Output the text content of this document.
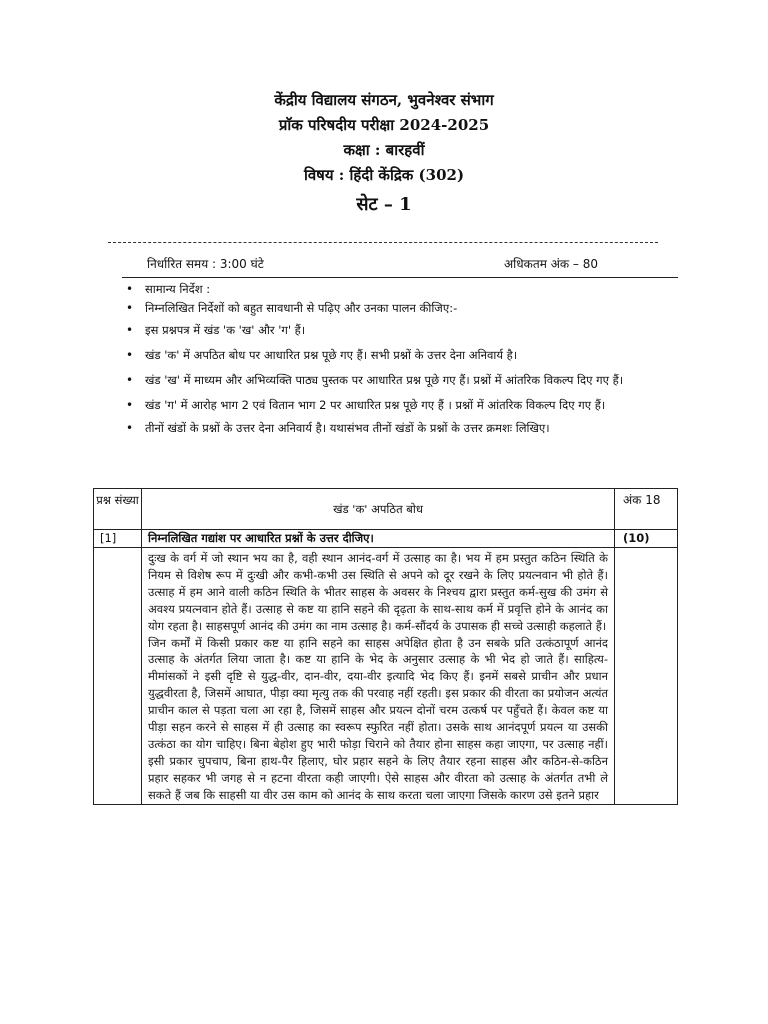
केंद्रीय विद्यालय संगठन, भुवनेश्वर संभाग
प्राॅक परिषदीय परीक्षा 2024-2025
कक्षा : बारहवीं
विषय : हिंदी केंद्रिक (302)
सेट – 1
निर्धारित समय : 3:00 घंटे	अधिकतम अंक – 80
• सामान्य निर्देश :
• निम्नलिखित निर्देशों को बहुत सावधानी से पढ़िए और उनका पालन कीजिए:-
• इस प्रश्नपत्र में खंड 'क 'ख' और 'ग' हैं।
• खंड 'क' में अपठित बोध पर आधारित प्रश्न पूछे गए हैं। सभी प्रश्नों के उत्तर देना अनिवार्य है।
• खंड 'ख' में माध्यम और अभिव्यक्ति पाठ्य पुस्तक पर आधारित प्रश्न पूछे गए हैं। प्रश्नों में आंतरिक विकल्प दिए गए हैं।
• खंड 'ग' में आरोह भाग 2 एवं वितान भाग 2 पर आधारित प्रश्न पूछे गए हैं । प्रश्नों में आंतरिक विकल्प दिए गए हैं।
• तीनों खंडों के प्रश्नों के उत्तर देना अनिवार्य है। यथासंभव तीनों खंडों के प्रश्नों के उत्तर क्रमशः लिखिए।
प्रश्न संख्या	खंड 'क' अपठित बोध	अंक 18
[1]	निम्नलिखित गद्यांश पर आधारित प्रश्नों के उत्तर दीजिए।	(10)

	दुःख के वर्ग में जो स्थान भय का है, वही स्थान आनंद-वर्ग में उत्साह का है। भय में हम प्रस्तुत कठिन स्थिति के नियम से विशेष रूप में दुःखी और कभी-कभी उस स्थिति से अपने को दूर रखने के लिए प्रयत्नवान भी होते हैं। उत्साह में हम आने वाली कठिन स्थिति के भीतर साहस के अवसर के निश्चय द्वारा प्रस्तुत कर्म-सुख की उमंग से अवश्य प्रयत्नवान होते हैं। उत्साह से कष्ट या हानि सहने की दृढ़ता के साथ-साथ कर्म में प्रवृत्ति होने के आनंद का योग रहता है। साहसपूर्ण आनंद की उमंग का नाम उत्साह है। कर्म-सौंदर्य के उपासक ही सच्चे उत्साही कहलाते हैं।

जिन कर्मों में किसी प्रकार कष्ट या हानि सहने का साहस अपेक्षित होता है उन सबके प्रति उत्कंठापूर्ण आनंद उत्साह के अंतर्गत लिया जाता है। कष्ट या हानि के भेद के अनुसार उत्साह के भी भेद हो जाते हैं। साहित्य-मीमांसकों ने इसी दृष्टि से युद्ध-वीर, दान-वीर, दया-वीर इत्यादि भेद किए हैं। इनमें सबसे प्राचीन और प्रधान युद्धवीरता है, जिसमें आघात, पीड़ा क्या मृत्यु तक की परवाह नहीं रहती। इस प्रकार की वीरता का प्रयोजन अत्यंत प्राचीन काल से पड़ता चला आ रहा है, जिसमें साहस और प्रयत्न दोनों चरम उत्कर्ष पर पहुँचते हैं। केवल कष्ट या पीड़ा सहन करने से साहस में ही उत्साह का स्वरूप स्फुरित नहीं होता। उसके साथ आनंदपूर्ण प्रयत्न या उसकी उत्कंठा का योग चाहिए। बिना बेहोश हुए भारी फोड़ा चिराने को तैयार होना साहस कहा जाएगा, पर उत्साह नहीं। इसी प्रकार चुपचाप, बिना हाथ-पैर हिलाए, घोर प्रहार सहने के लिए तैयार रहना साहस और कठिन-से-कठिन प्रहार सहकर भी जगह से न हटना वीरता कही जाएगी। ऐसे साहस और वीरता को उत्साह के अंतर्गत तभी ले सकते हैं जब कि साहसी या वीर उस काम को आनंद के साथ करता चला जाएगा जिसके कारण उसे इतने प्रहार	
